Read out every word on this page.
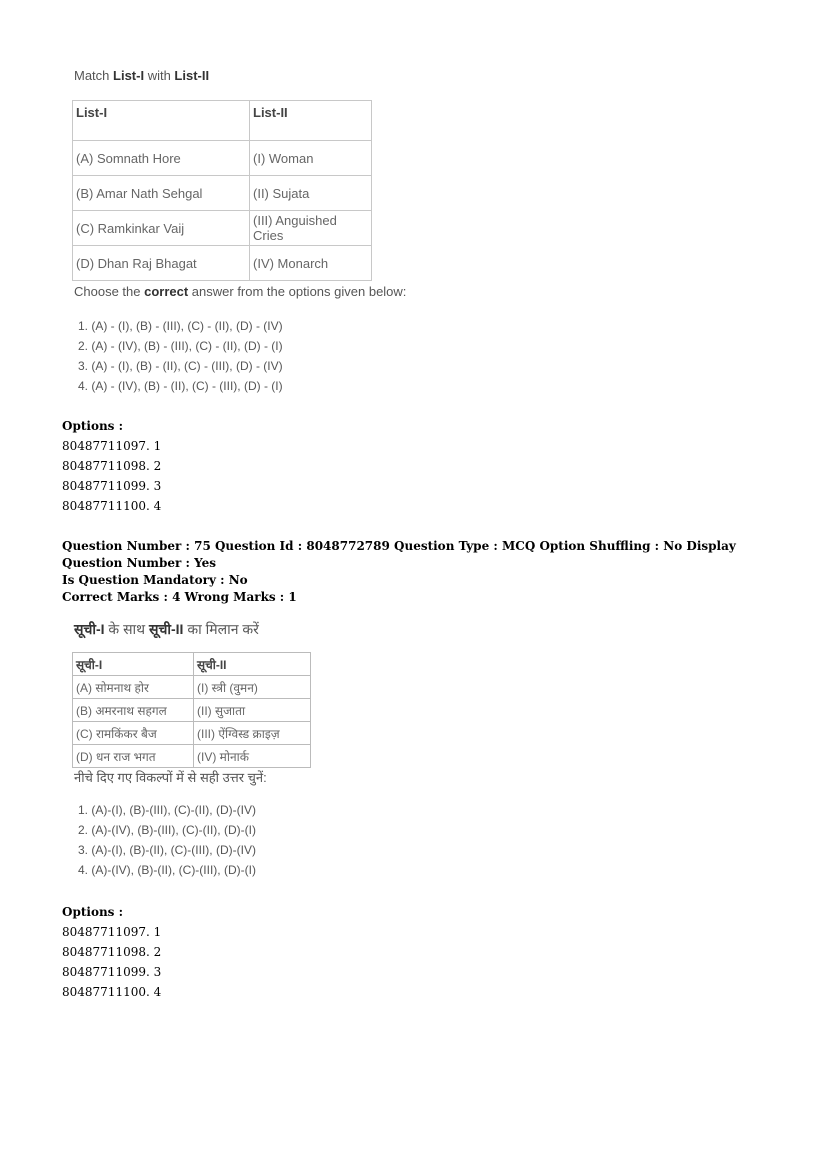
Match List-I with List-II
List-I	List-II
(A) Somnath Hore	(I) Woman
(B) Amar Nath Sehgal	(II) Sujata
(C) Ramkinkar Vaij	(III) Anguished Cries
(D) Dhan Raj Bhagat	(IV) Monarch
Choose the correct answer from the options given below:
1. (A) - (I), (B) - (III), (C) - (II), (D) - (IV)
2. (A) - (IV), (B) - (III), (C) - (II), (D) - (I)
3. (A) - (I), (B) - (II), (C) - (III), (D) - (IV)
4. (A) - (IV), (B) - (II), (C) - (III), (D) - (I)
Options :
80487711097. 1
80487711098. 2
80487711099. 3
80487711100. 4
Question Number : 75 Question Id : 8048772789 Question Type : MCQ Option Shuffling : No Display Question Number : Yes
Is Question Mandatory : No
Correct Marks : 4 Wrong Marks : 1
सूची-I के साथ सूची-II का मिलान करें
सूची-I	सूची-II
(A) सोमनाथ होर	(I) स्त्री (वुमन)
(B) अमरनाथ सहगल	(II) सुजाता
(C) रामकिंकर बैज	(III) ऐंग्विस्ड क्राइज़
(D) धन राज भगत	(IV) मोनार्क
नीचे दिए गए विकल्पों में से सही उत्तर चुनें:
1. (A)-(I), (B)-(III), (C)-(II), (D)-(IV)
2. (A)-(IV), (B)-(III), (C)-(II), (D)-(I)
3. (A)-(I), (B)-(II), (C)-(III), (D)-(IV)
4. (A)-(IV), (B)-(II), (C)-(III), (D)-(I)
Options :
80487711097. 1
80487711098. 2
80487711099. 3
80487711100. 4
